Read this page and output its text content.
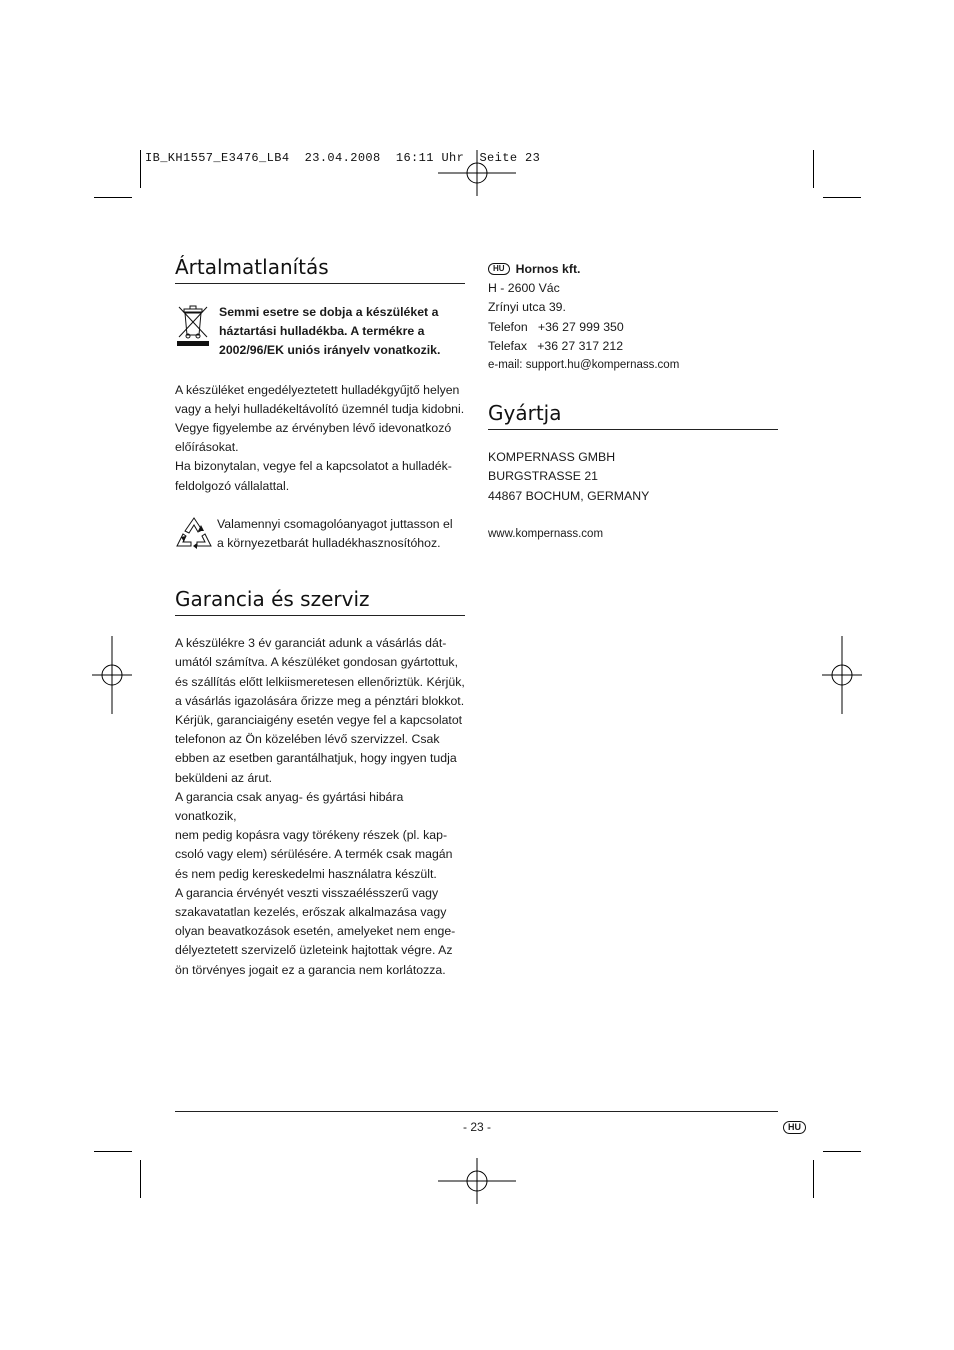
IB_KH1557_E3476_LB4  23.04.2008  16:11 Uhr  Seite 23
Ártalmatlanítás

Semmi esetre se dobja a készüléket a

háztartási hulladékba. A termékre a

2002/96/EK uniós irányelv vonatkozik.

A készüléket engedélyeztetett hulladékgyűjtő helyen

vagy a helyi hulladékeltávolító üzemnél tudja kidobni.

Vegye figyelembe az érvényben lévő idevonatkozó

előírásokat.

Ha bizonytalan, vegye fel a kapcsolatot a hulladék-

feldolgozó vállalattal.

Valamennyi csomagolóanyagot juttasson el

a környezetbarát hulladékhasznosítóhoz.

Garancia és szerviz

A készülékre 3 év garanciát adunk a vásárlás dát-

umától számítva. A készüléket gondosan gyártottuk,

és szállítás előtt lelkiismeretesen ellenőriztük. Kérjük,

a vásárlás igazolására őrizze meg a pénztári blokkot.

Kérjük, garanciaigény esetén vegye fel a kapcsolatot

telefonon az Ön közelében lévő szervizzel. Csak

ebben az esetben garantálhatjuk, hogy ingyen tudja

beküldeni az árut.

A garancia csak anyag- és gyártási hibára vonatkozik,

nem pedig kopásra vagy törékeny részek (pl. kap-

csoló vagy elem) sérülésére. A termék csak magán

és nem pedig kereskedelmi használatra készült.

A garancia érvényét veszti visszaélésszerű vagy

szakavatatlan kezelés, erőszak alkalmazása vagy

olyan beavatkozások esetén, amelyeket nem enge-

délyeztetett szervizelő üzleteink hajtottak végre. Az

ön törvényes jogait ez a garancia nem korlátozza.

HU Hornos kft.

H - 2600 Vác

Zrínyi utca 39.

Telefon   +36 27 999 350

Telefax   +36 27 317 212

e-mail: support.hu@kompernass.com

Gyártja

KOMPERNASS GMBH

BURGSTRASSE 21

44867 BOCHUM, GERMANY

www.kompernass.com

- 23 -	HU
